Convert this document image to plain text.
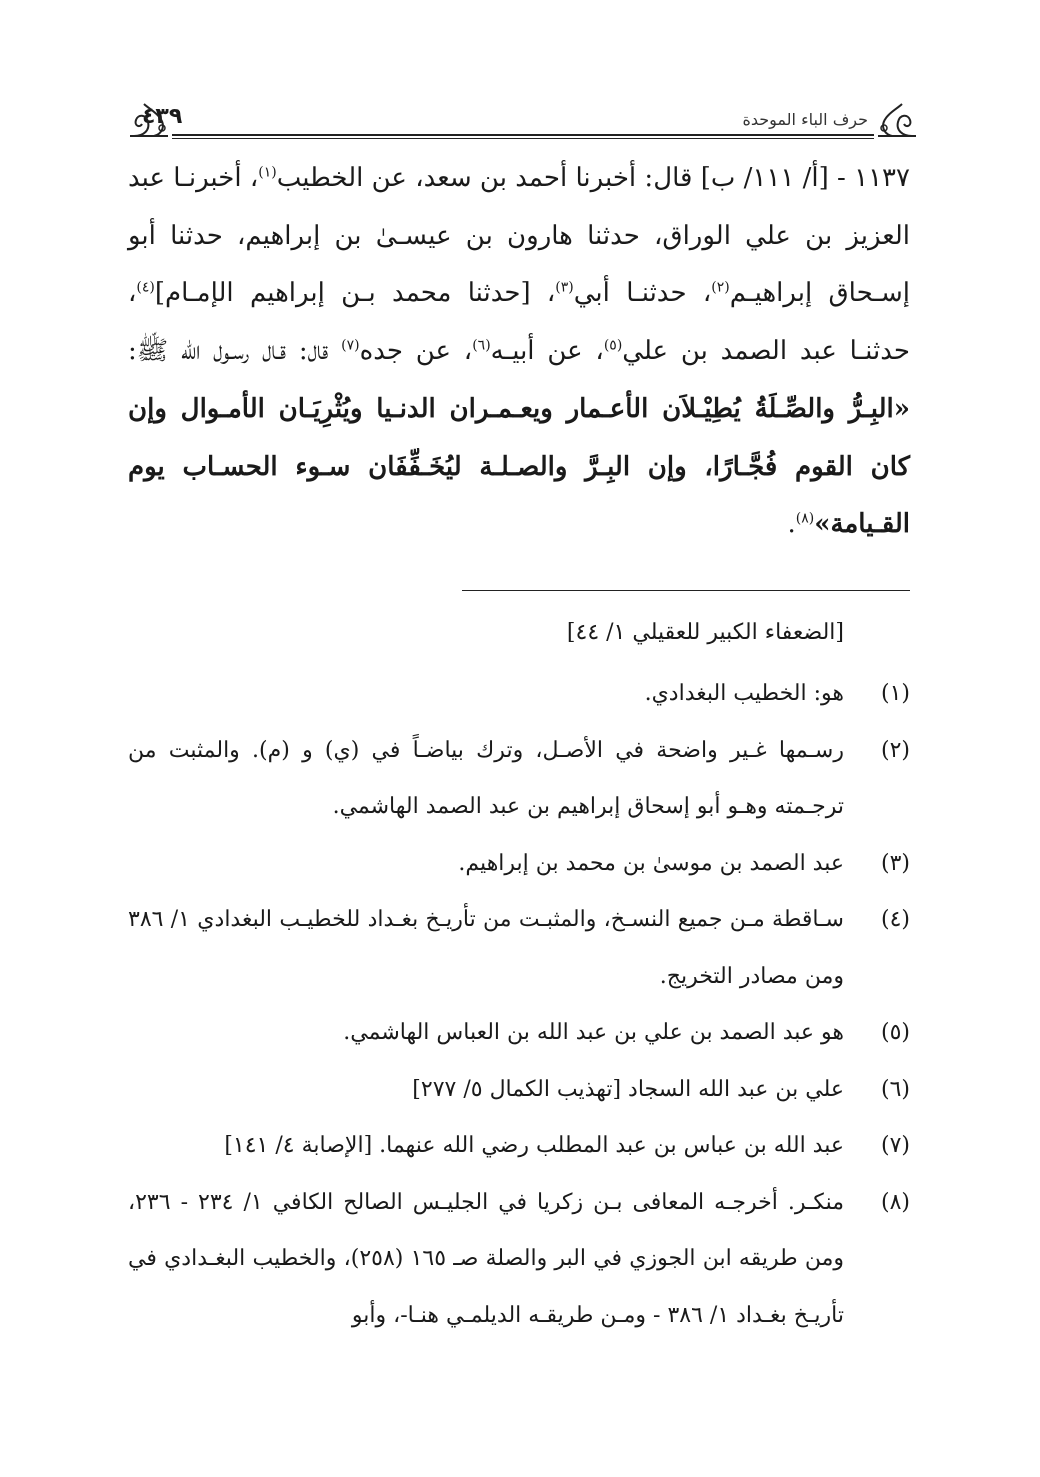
حرف الباء الموحدة
٤٣٩
١١٣٧ - [أ/ ١١١/ ب] قال: أخبرنا أحمد بن سعد، عن الخطيب$^{(١)}$، أخبرنـا عبد العزيز بن علي الوراق، حدثنا هارون بن عيسـىٰ بن إبراهيم، حدثنا أبو إسـحاق إبراهيـم$^{(٢)}$، حدثنـا أبي$^{(٣)}$، [حدثنا محمد بـن إبراهيم الإمـام]$^{(٤)}$، حدثنـا عبد الصمد بن علي$^{(٥)}$، عن أبيـه$^{(٦)}$، عن جده$^{(٧)}$ قال: قـال رسـول الله ﷺ: «البِـرُّ والصِّـلَةُ يُطِيْـلاَن الأعـمار ويعـمـران الدنـيا ويُثْرِيَـان الأمـوال وإن كان القوم فُجَّـارًا، وإن البِـرَّ والصـلـة ليُخَـفِّفَان سـوء الحسـاب يوم القـيامة»$^{(٨)}$.
[الضعفاء الكبير للعقيلي ١/ ٤٤]
(١)
هو: الخطيب البغدادي.
(٢)
رسـمها غـير واضحة في الأصـل، وترك بياضـاً في (ي) و (م). والمثبت من ترجـمته وهـو أبو إسحاق إبراهيم بن عبد الصمد الهاشمي.
(٣)
عبد الصمد بن موسىٰ بن محمد بن إبراهيم.
(٤)
سـاقطة مـن جميع النسـخ، والمثبـت من تأريـخ بغـداد للخطيـب البغدادي ١/ ٣٨٦ ومن مصادر التخريج.
(٥)
هو عبد الصمد بن علي بن عبد الله بن العباس الهاشمي.
(٦)
علي بن عبد الله السجاد [تهذيب الكمال ٥/ ٢٧٧]
(٧)
عبد الله بن عباس بن عبد المطلب رضي الله عنهما. [الإصابة ٤/ ١٤١]
(٨)
منكـر. أخرجـه المعافى بـن زكريا في الجليـس الصالح الكافي ١/ ٢٣٤ - ٢٣٦، ومن طريقه ابن الجوزي في البر والصلة صـ ١٦٥ (٢٥٨)، والخطيب البغـدادي في تأريـخ بغـداد ١/ ٣٨٦ - ومـن طريقـه الديلمـي هنـا-، وأبو
